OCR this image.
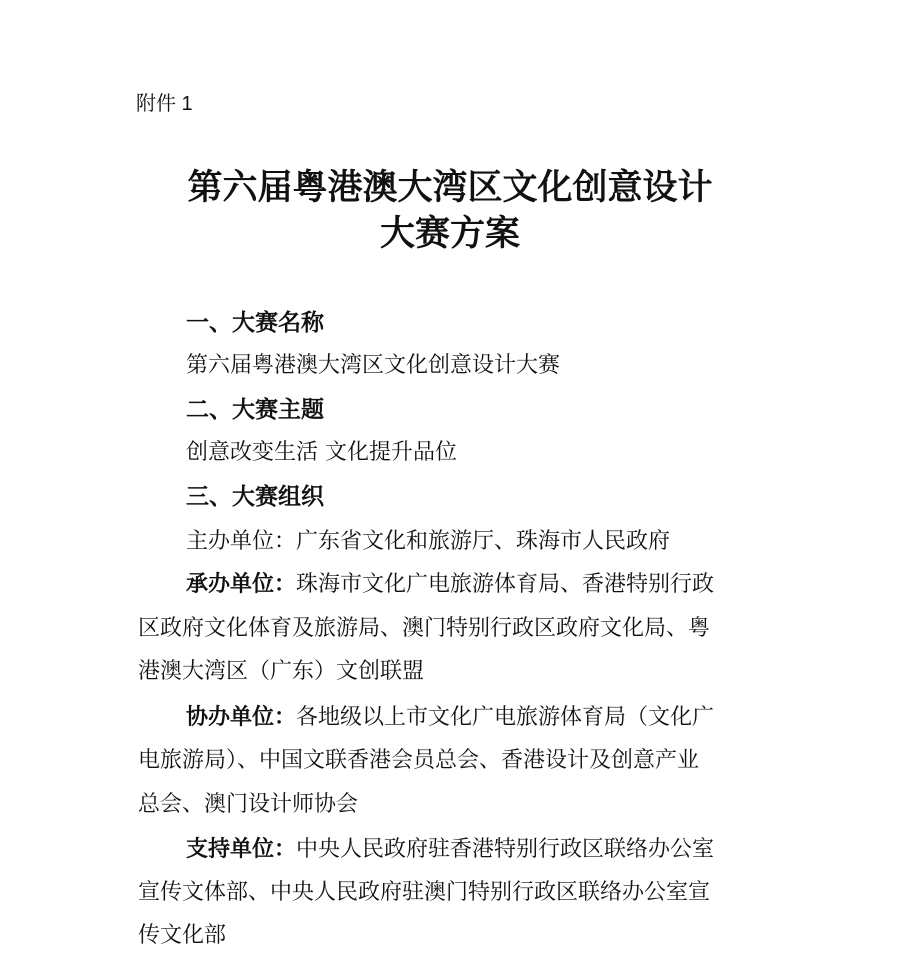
附件 1
第六届粤港澳大湾区文化创意设计
大赛方案
一、大赛名称
第六届粤港澳大湾区文化创意设计大赛
二、大赛主题
创意改变生活 文化提升品位
三、大赛组织
主办单位：广东省文化和旅游厅、珠海市人民政府
承办单位：珠海市文化广电旅游体育局、香港特别行政
区政府文化体育及旅游局、澳门特别行政区政府文化局、粤
港澳大湾区（广东）文创联盟
协办单位：各地级以上市文化广电旅游体育局（文化广
电旅游局）、中国文联香港会员总会、香港设计及创意产业
总会、澳门设计师协会
支持单位：中央人民政府驻香港特别行政区联络办公室
宣传文体部、中央人民政府驻澳门特别行政区联络办公室宣
传文化部
